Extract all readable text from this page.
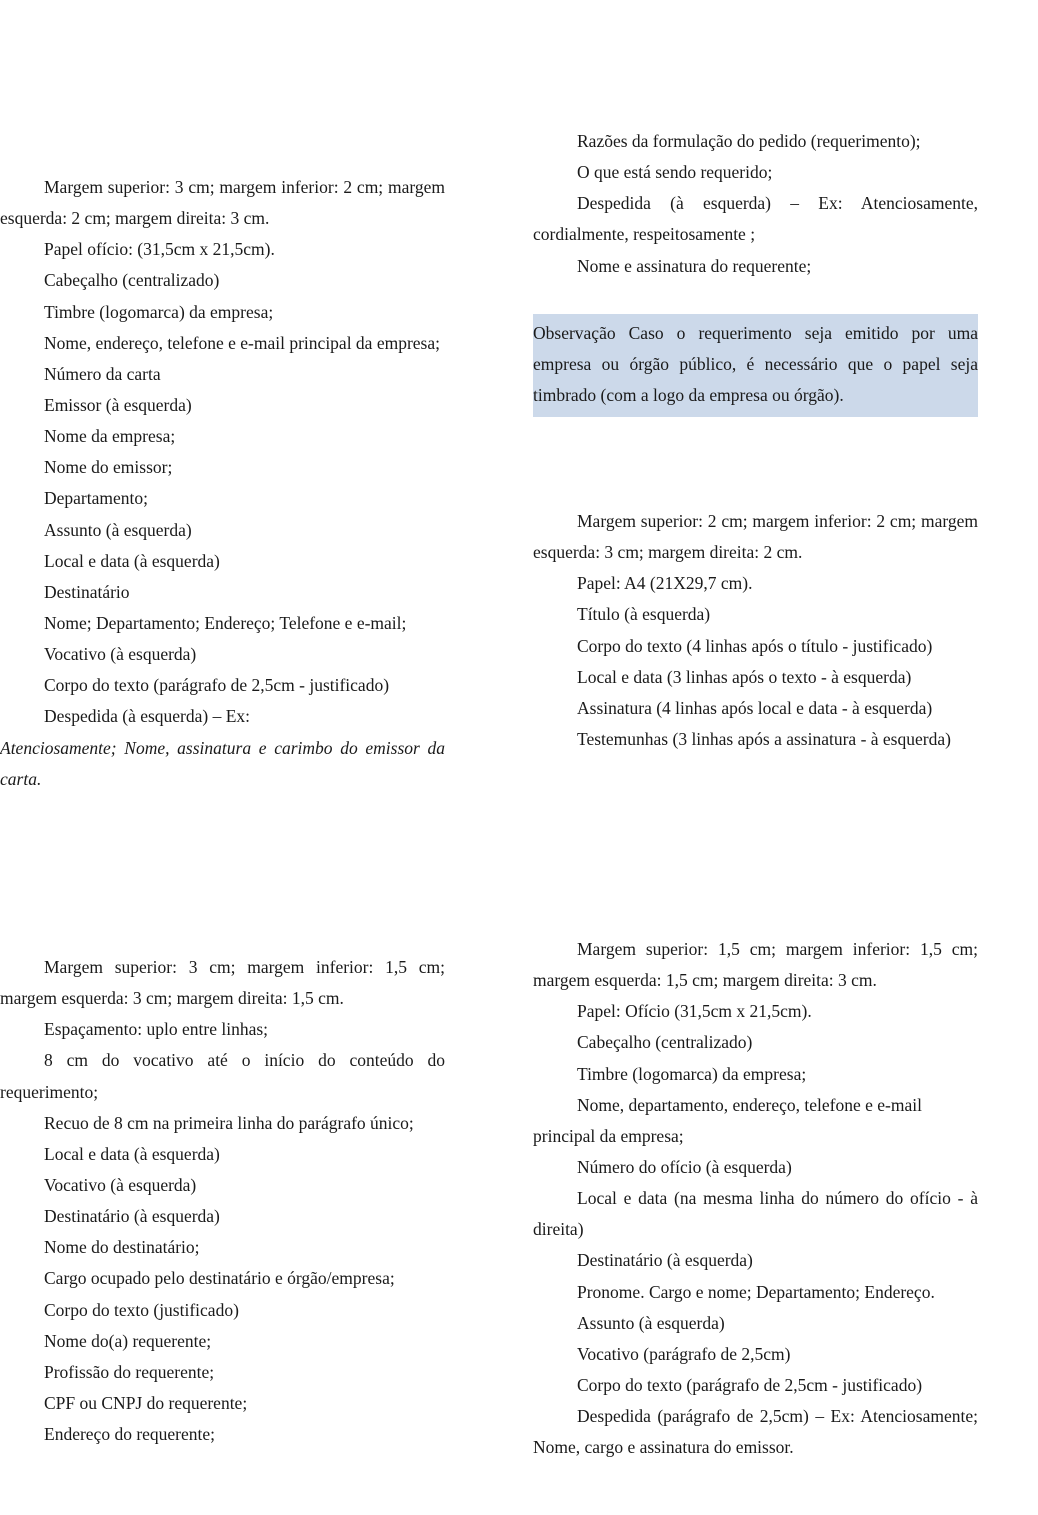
Margem superior: 3 cm; margem inferior: 2 cm; margem esquerda: 2 cm; margem direita: 3 cm.

Papel ofício: (31,5cm x 21,5cm).

Cabeçalho (centralizado)

Timbre (logomarca) da empresa;

Nome, endereço, telefone e e-mail principal da empresa;

Número da carta

Emissor (à esquerda)

Nome da empresa;

Nome do emissor;

Departamento;

Assunto (à esquerda)

Local e data (à esquerda)

Destinatário

Nome; Departamento; Endereço; Telefone e e-mail;

Vocativo (à esquerda)

Corpo do texto (parágrafo de 2,5cm - justificado)

Despedida (à esquerda) – Ex:

Atenciosamente; Nome, assinatura e carimbo do emissor da carta.

Margem superior: 3 cm; margem inferior: 1,5 cm; margem esquerda: 3 cm; margem direita: 1,5 cm.

Espaçamento: uplo entre linhas;

8 cm do vocativo até o início do conteúdo do requerimento;

Recuo de 8 cm na primeira linha do parágrafo único;

Local e data (à esquerda)

Vocativo (à esquerda)

Destinatário (à esquerda)

Nome do destinatário;

Cargo ocupado pelo destinatário e órgão/empresa;

Corpo do texto (justificado)

Nome do(a) requerente;

Profissão do requerente;

CPF ou CNPJ do requerente;

Endereço do requerente;

Razões da formulação do pedido (requerimento);

O que está sendo requerido;

Despedida (à esquerda) – Ex: Atenciosamente, cordialmente, respeitosamente ;

Nome e assinatura do requerente;

Observação Caso o requerimento seja emitido por uma empresa ou órgão público, é necessário que o papel seja timbrado (com a logo da empresa ou órgão).

Margem superior: 2 cm; margem inferior: 2 cm; margem esquerda: 3 cm; margem direita: 2 cm.

Papel: A4 (21X29,7 cm).

Título (à esquerda)

Corpo do texto (4 linhas após o título - justificado)

Local e data (3 linhas após o texto - à esquerda)

Assinatura (4 linhas após local e data - à esquerda)

Testemunhas (3 linhas após a assinatura - à esquerda)

Margem superior: 1,5 cm; margem inferior: 1,5 cm; margem esquerda: 1,5 cm; margem direita: 3 cm.

Papel: Ofício (31,5cm x 21,5cm).

Cabeçalho (centralizado)

Timbre (logomarca) da empresa;

Nome, departamento, endereço, telefone e e-mail principal da empresa;

Número do ofício (à esquerda)

Local e data (na mesma linha do número do ofício - à direita)

Destinatário (à esquerda)

Pronome. Cargo e nome; Departamento; Endereço.

Assunto (à esquerda)

Vocativo (parágrafo de 2,5cm)

Corpo do texto (parágrafo de 2,5cm - justificado)

Despedida (parágrafo de 2,5cm) – Ex: Atenciosamente; Nome, cargo e assinatura do emissor.
